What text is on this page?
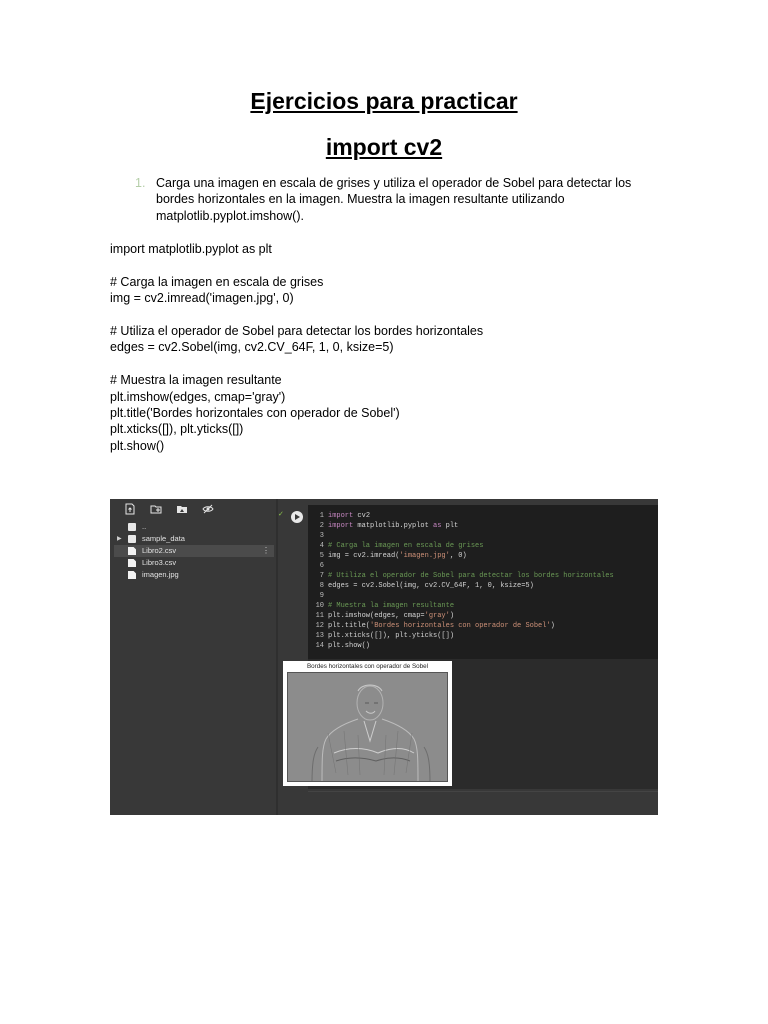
Ejercicios para practicar
import cv2
1. Carga una imagen en escala de grises y utiliza el operador de Sobel para detectar los bordes horizontales en la imagen. Muestra la imagen resultante utilizando matplotlib.pyplot.imshow().
import matplotlib.pyplot as plt
# Carga la imagen en escala de grises
img = cv2.imread('imagen.jpg', 0)
# Utiliza el operador de Sobel para detectar los bordes horizontales
edges = cv2.Sobel(img, cv2.CV_64F, 1, 0, ksize=5)
# Muestra la imagen resultante
plt.imshow(edges, cmap='gray')
plt.title('Bordes horizontales con operador de Sobel')
plt.xticks([]), plt.yticks([])
plt.show()
..
▶	sample_data
Libro2.csv	⋮
Libro3.csv
imagen.jpg
✓	1 import cv2
2 import matplotlib.pyplot as plt
3
4 # Carga la imagen en escala de grises
5 img = cv2.imread('imagen.jpg', 0)
6
7 # Utiliza el operador de Sobel para detectar los bordes horizontales
8 edges = cv2.Sobel(img, cv2.CV_64F, 1, 0, ksize=5)
9
10 # Muestra la imagen resultante
11 plt.imshow(edges, cmap='gray')
12 plt.title('Bordes horizontales con operador de Sobel')
13 plt.xticks([]), plt.yticks([])
14 plt.show()
Bordes horizontales con operador de Sobel
